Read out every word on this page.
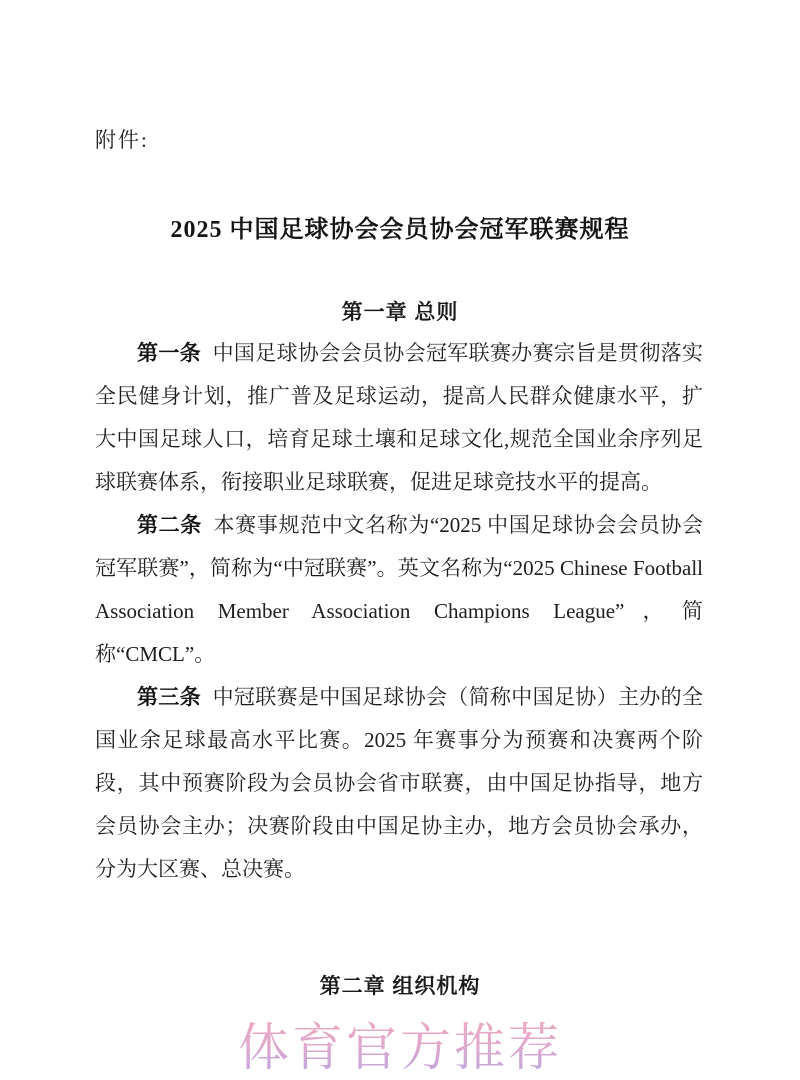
附件:
2025 中国足球协会会员协会冠军联赛规程
第一章 总则

第一条 中国足球协会会员协会冠军联赛办赛宗旨是贯彻落实全民健身计划，推广普及足球运动，提高人民群众健康水平，扩大中国足球人口，培育足球土壤和足球文化,规范全国业余序列足球联赛体系，衔接职业足球联赛，促进足球竞技水平的提高。

第二条 本赛事规范中文名称为“2025 中国足球协会会员协会冠军联赛”，简称为“中冠联赛”。英文名称为“2025 Chinese Football Association Member Association Champions League”，简称“CMCL”。

第三条 中冠联赛是中国足球协会（简称中国足协）主办的全国业余足球最高水平比赛。2025 年赛事分为预赛和决赛两个阶段，其中预赛阶段为会员协会省市联赛，由中国足协指导，地方会员协会主办；决赛阶段由中国足协主办，地方会员协会承办，分为大区赛、总决赛。

第二章 组织机构
体育官方推荐
